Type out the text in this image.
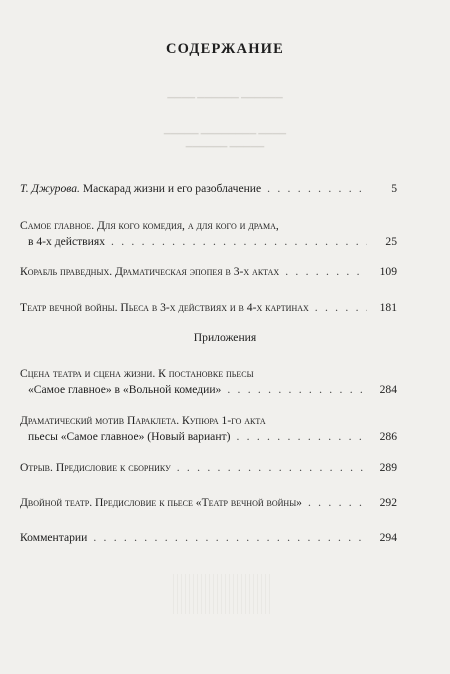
СОДЕРЖАНИЕ
▁▁▁▁ ▁▁▁▁▁▁ ▁▁▁▁▁▁
▁▁▁▁▁ ▁▁▁▁▁▁▁▁ ▁▁▁▁
▁▁▁▁▁▁ ▁▁▁▁▁
Т. Джурова. Маскарад жизни и его разоблачение . . .	5
Самое главное. Для кого комедия, а для кого и драма,
в 4-х действиях . . .	25
Корабль праведных. Драматическая эпопея в 3-х актах . . .	109
Театр вечной войны. Пьеса в 3-х действиях и в 4-х картинах . . .	181
Приложения
Сцена театра и сцена жизни. К постановке пьесы
«Самое главное» в «Вольной комедии» . . .	284
Драматический мотив Параклета. Купюра 1-го акта
пьесы «Самое главное» (Новый вариант) . . .	286
Отрыв. Предисловие к сборнику . . .	289
Двойной театр. Предисловие к пьесе «Театр вечной войны» . . .	292
Комментарии . . .	294
